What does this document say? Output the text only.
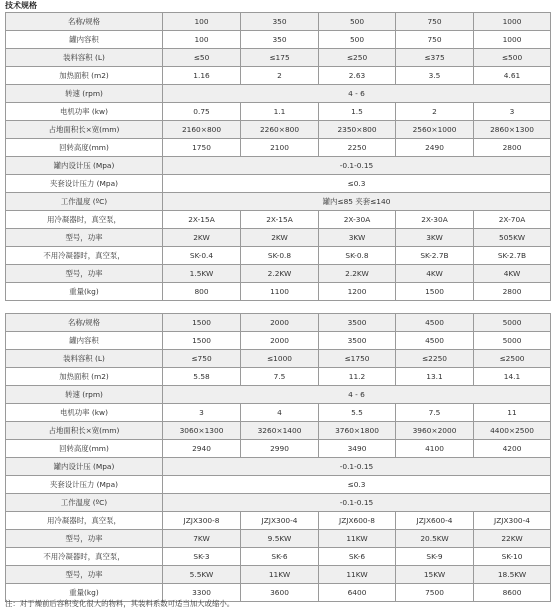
技术规格
名称/规格	100	350	500	750	1000
罐内容积	100	350	500	750	1000
装料容积 (L)	≤50	≤175	≤250	≤375	≤500
加热面积 (m2)	1.16	2	2.63	3.5	4.61
转速 (rpm)	4 - 6				
电机功率 (kw)	0.75	1.1	1.5	2	3
占地面积长×宽(mm)	2160×800	2260×800	2350×800	2560×1000	2860×1300
回转高度(mm)	1750	2100	2250	2490	2800
罐内设计压 (Mpa)	-0.1-0.15				
夹套设计压力 (Mpa)	≤0.3				
工作温度 (ºC)	罐内≤85 夹套≤140				
用冷凝器时，真空泵，	2X-15A	2X-15A	2X-30A	2X-30A	2X-70A
型号，功率	2KW	2KW	3KW	3KW	505KW
不用冷凝器时，真空泵，	SK-0.4	SK-0.8	SK-0.8	SK-2.7B	SK-2.7B
型号，功率	1.5KW	2.2KW	2.2KW	4KW	4KW
重量(kg)	800	1100	1200	1500	2800
名称/规格	1500	2000	3500	4500	5000
罐内容积	1500	2000	3500	4500	5000
装料容积 (L)	≤750	≤1000	≤1750	≤2250	≤2500
加热面积 (m2)	5.58	7.5	11.2	13.1	14.1
转速 (rpm)	4 - 6				
电机功率 (kw)	3	4	5.5	7.5	11
占地面积长×宽(mm)	3060×1300	3260×1400	3760×1800	3960×2000	4400×2500
回转高度(mm)	2940	2990	3490	4100	4200
罐内设计压 (Mpa)	-0.1-0.15				
夹套设计压力 (Mpa)	≤0.3				
工作温度 (ºC)	-0.1-0.15				
用冷凝器时，真空泵，	JZJX300-8	JZJX300-4	JZJX600-8	JZJX600-4	JZJX300-4
型号，功率	7KW	9.5KW	11KW	20.5KW	22KW
不用冷凝器时，真空泵，	SK-3	SK-6	SK-6	SK-9	SK-10
型号，功率	5.5KW	11KW	11KW	15KW	18.5KW
重量(kg)	3300	3600	6400	7500	8600
注：对于燥前后容积变化很大的物料，其装料系数可适当加大或缩小。
